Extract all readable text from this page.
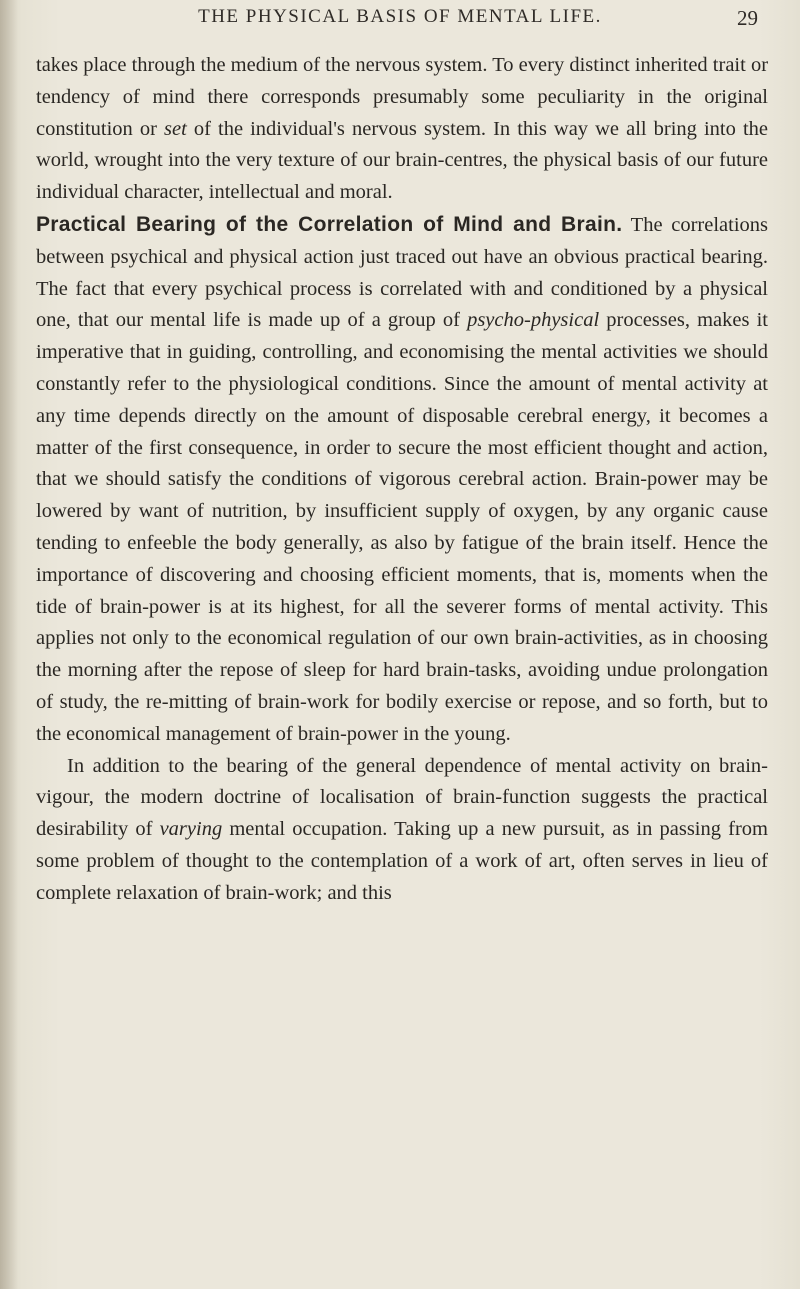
THE PHYSICAL BASIS OF MENTAL LIFE.	29

takes place through the medium of the nervous system. To every distinct inherited trait or tendency of mind there corresponds presumably some peculiarity in the original constitution or set of the individual's nervous system. In this way we all bring into the world, wrought into the very texture of our brain-centres, the physical basis of our future individual character, intellectual and moral.

Practical Bearing of the Correlation of Mind and Brain. The correlations between psychical and physical action just traced out have an obvious practical bearing. The fact that every psychical process is correlated with and conditioned by a physical one, that our mental life is made up of a group of psycho-physical processes, makes it imperative that in guiding, controlling, and economising the mental activities we should constantly refer to the physiological conditions. Since the amount of mental activity at any time depends directly on the amount of disposable cerebral energy, it becomes a matter of the first consequence, in order to secure the most efficient thought and action, that we should satisfy the conditions of vigorous cerebral action. Brain-power may be lowered by want of nutrition, by insufficient supply of oxygen, by any organic cause tending to enfeeble the body generally, as also by fatigue of the brain itself. Hence the importance of discovering and choosing efficient moments, that is, moments when the tide of brain-power is at its highest, for all the severer forms of mental activity. This applies not only to the economical regulation of our own brain-activities, as in choosing the morning after the repose of sleep for hard brain-tasks, avoiding undue prolongation of study, the re-mitting of brain-work for bodily exercise or repose, and so forth, but to the economical management of brain-power in the young.

In addition to the bearing of the general dependence of mental activity on brain-vigour, the modern doctrine of localisation of brain-function suggests the practical desirability of varying mental occupation. Taking up a new pursuit, as in passing from some problem of thought to the contemplation of a work of art, often serves in lieu of complete relaxation of brain-work; and this
